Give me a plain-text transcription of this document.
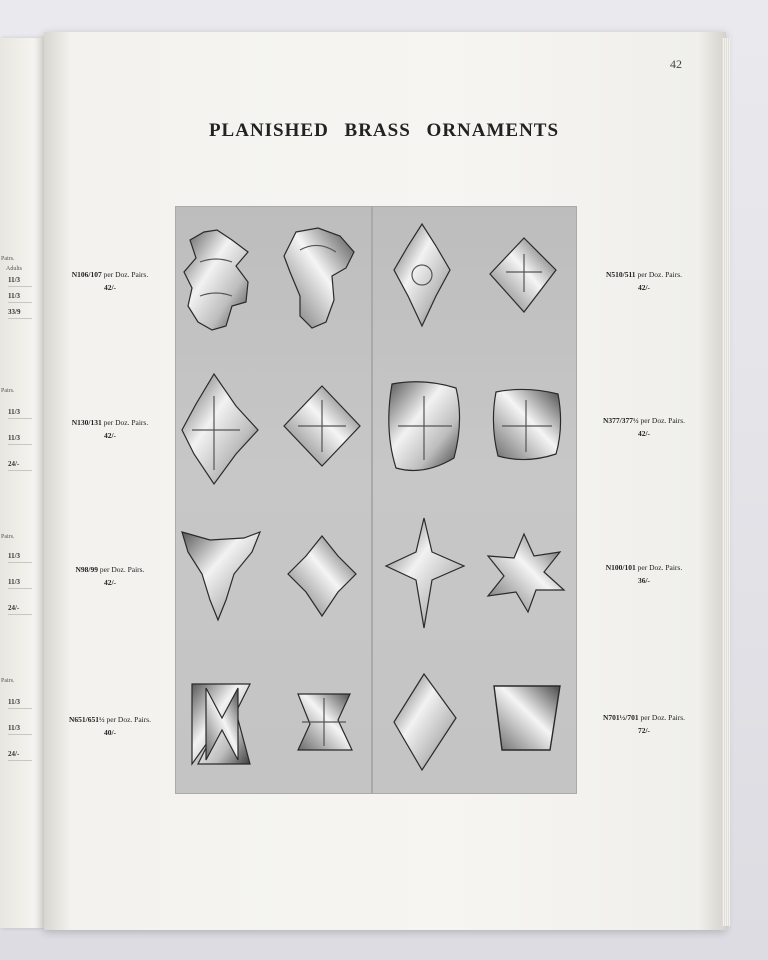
Pairs.
Adults
11/3
11/3
33/9
Pairs.
11/3
11/3
24/-
Pairs.
11/3
11/3
24/-
Pairs.
11/3
11/3
24/-
42
PLANISHED BRASS ORNAMENTS
N106/107 per Doz. Pairs.
42/-
N130/131 per Doz. Pairs.
42/-
N98/99 per Doz. Pairs.
42/-
N651/651½ per Doz. Pairs.
40/-
N510/511 per Doz. Pairs.
42/-
N377/377½ per Doz. Pairs.
42/-
N100/101 per Doz. Pairs.
36/-
N701½/701 per Doz. Pairs.
72/-
